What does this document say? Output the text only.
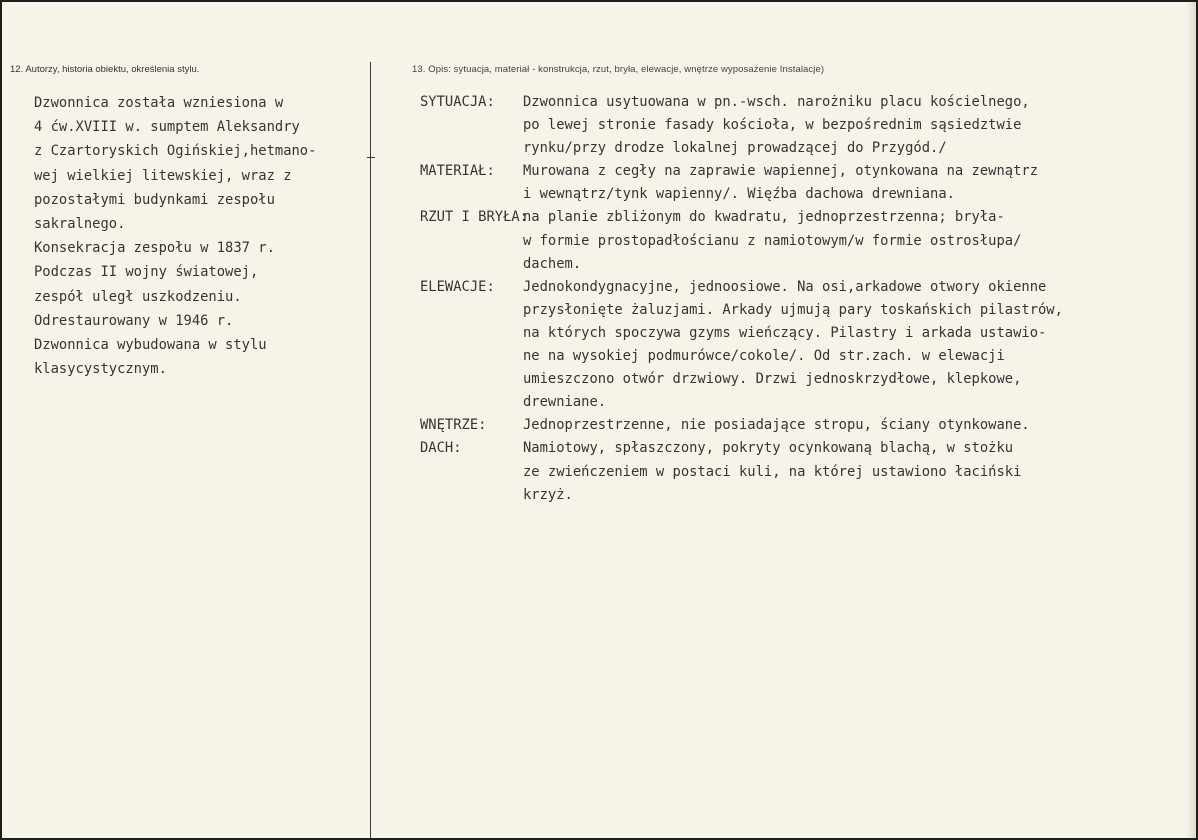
12. Autorzy, historia obiektu, określenia stylu.	13. Opis: sytuacja, materiał - konstrukcja, rzut, bryła, elewacje, wnętrze wyposażenie Instalacje)
Dzwonnica została wzniesiona w
4 ćw.XVIII w. sumptem Aleksandry
z Czartoryskich Ogińskiej,hetmano-
wej wielkiej litewskiej, wraz z
pozostałymi budynkami zespołu
sakralnego.
Konsekracja zespołu w 1837 r.
Podczas II wojny światowej,
zespół uległ uszkodzeniu.
Odrestaurowany w 1946 r.
Dzwonnica wybudowana w stylu
klasycystycznym.
SYTUACJA:	Dzwonnica usytuowana w pn.-wsch. narożniku placu kościelnego,
po lewej stronie fasady kościoła, w bezpośrednim sąsiedztwie
rynku/przy drodze lokalnej prowadzącej do Przygód./
MATERIAŁ:	Murowana z cegły na zaprawie wapiennej, otynkowana na zewnątrz
i wewnątrz/tynk wapienny/. Więźba dachowa drewniana.
RZUT I BRYŁA:
na planie zbliżonym do kwadratu, jednoprzestrzenna; bryła-
w formie prostopadłościanu z namiotowym/w formie ostrosłupa/
dachem.
ELEWACJE:	Jednokondygnacyjne, jednoosiowe. Na osi,arkadowe otwory okienne
przysłonięte żaluzjami. Arkady ujmują pary toskańskich pilastrów,
na których spoczywa gzyms wieńczący. Pilastry i arkada ustawio-
ne na wysokiej podmurówce/cokole/. Od str.zach. w elewacji
umieszczono otwór drzwiowy. Drzwi jednoskrzydłowe, klepkowe,
drewniane.
WNĘTRZE:	Jednoprzestrzenne, nie posiadające stropu, ściany otynkowane.
DACH:	Namiotowy, spłaszczony, pokryty ocynkowaną blachą, w stożku
ze zwieńczeniem w postaci kuli, na której ustawiono łaciński
krzyż.
